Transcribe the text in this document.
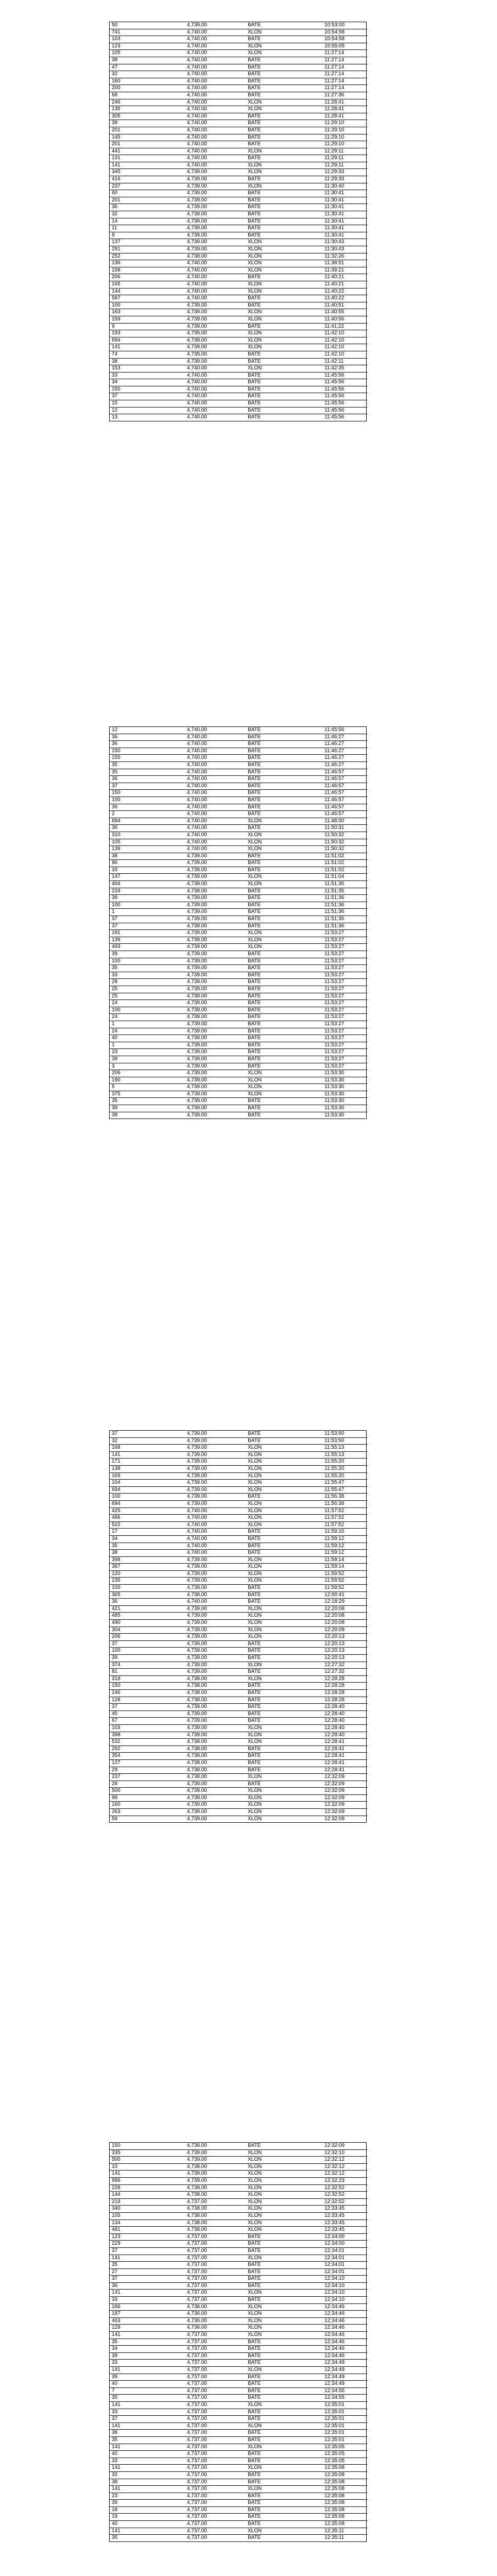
50	4,739.00	BATE	10:53:00
741	4,740.00	XLON	10:54:58
103	4,740.00	BATE	10:54:58
123	4,740.00	XLON	10:55:05
105	4,740.00	XLON	11:27:14
38	4,740.00	BATE	11:27:14
47	4,740.00	BATE	11:27:14
32	4,740.00	BATE	11:27:14
160	4,740.00	BATE	11:27:14
200	4,740.00	BATE	11:27:14
68	4,740.00	BATE	11:27:36
246	4,740.00	XLON	11:28:41
135	4,740.00	XLON	11:28:41
305	4,740.00	BATE	11:28:41
39	4,740.00	BATE	11:29:10
201	4,740.00	BATE	11:29:10
145	4,740.00	BATE	11:29:10
201	4,740.00	BATE	11:29:10
441	4,740.00	XLON	11:29:11
131	4,740.00	BATE	11:29:11
141	4,740.00	XLON	11:29:11
345	4,739.00	XLON	11:29:33
416	4,739.00	BATE	11:29:33
237	4,739.00	XLON	11:30:40
60	4,739.00	BATE	11:30:41
201	4,739.00	BATE	11:30:41
36	4,739.00	BATE	11:30:41
32	4,739.00	BATE	11:30:41
14	4,739.00	BATE	11:30:41
11	4,739.00	BATE	11:30:41
8	4,739.00	BATE	11:30:41
137	4,739.00	XLON	11:30:43
291	4,739.00	XLON	11:30:43
252	4,738.00	XLON	11:32:26
136	4,740.00	XLON	11:38:51
158	4,740.00	XLON	11:39:21
206	4,740.00	BATE	11:40:21
165	4,740.00	XLON	11:40:21
144	4,740.00	XLON	11:40:22
587	4,740.00	BATE	11:40:22
100	4,739.00	BATE	11:40:51
163	4,739.00	XLON	11:40:55
159	4,739.00	XLON	11:40:56
9	4,739.00	BATE	11:41:22
193	4,739.00	XLON	11:42:10
694	4,739.00	XLON	11:42:10
141	4,739.00	XLON	11:42:10
74	4,739.00	BATE	11:42:10
38	4,739.00	BATE	11:42:11
153	4,740.00	XLON	11:42:35
33	4,740.00	BATE	11:45:56
34	4,740.00	BATE	11:45:56
150	4,740.00	BATE	11:45:56
37	4,740.00	BATE	11:45:56
15	4,740.00	BATE	11:45:56
12	4,740.00	BATE	11:45:56
13	4,740.00	BATE	11:45:56
12	4,740.00	BATE	11:45:56
36	4,740.00	BATE	11:46:27
36	4,740.00	BATE	11:46:27
150	4,740.00	BATE	11:46:27
150	4,740.00	BATE	11:46:27
35	4,740.00	BATE	11:46:27
35	4,740.00	BATE	11:46:57
36	4,740.00	BATE	11:46:57
37	4,740.00	BATE	11:46:57
150	4,740.00	BATE	11:46:57
100	4,740.00	BATE	11:46:57
36	4,740.00	BATE	11:46:57
2	4,740.00	BATE	11:46:57
694	4,740.00	XLON	11:48:00
36	4,740.00	BATE	11:50:31
310	4,740.00	XLON	11:50:32
105	4,740.00	XLON	11:50:32
139	4,740.00	XLON	11:50:32
38	4,739.00	BATE	11:51:02
96	4,739.00	BATE	11:51:02
33	4,739.00	BATE	11:51:02
147	4,739.00	XLON	11:51:04
404	4,738.00	XLON	11:51:35
233	4,738.00	BATE	11:51:35
39	4,739.00	BATE	11:51:36
100	4,739.00	BATE	11:51:36
1	4,739.00	BATE	11:51:36
37	4,739.00	BATE	11:51:36
37	4,739.00	BATE	11:51:36
191	4,739.00	XLON	11:53:27
139	4,739.00	XLON	11:53:27
493	4,739.00	XLON	11:53:27
39	4,739.00	BATE	11:53:27
100	4,739.00	BATE	11:53:27
35	4,739.00	BATE	11:53:27
33	4,739.00	BATE	11:53:27
28	4,739.00	BATE	11:53:27
25	4,739.00	BATE	11:53:27
25	4,739.00	BATE	11:53:27
24	4,739.00	BATE	11:53:27
100	4,739.00	BATE	11:53:27
24	4,739.00	BATE	11:53:27
1	4,739.00	BATE	11:53:27
24	4,739.00	BATE	11:53:27
40	4,739.00	BATE	11:53:27
1	4,739.00	BATE	11:53:27
23	4,739.00	BATE	11:53:27
39	4,739.00	BATE	11:53:27
3	4,739.00	BATE	11:53:27
206	4,739.00	XLON	11:53:30
190	4,739.00	XLON	11:53:30
5	4,739.00	XLON	11:53:30
375	4,739.00	XLON	11:53:30
35	4,739.00	BATE	11:53:30
39	4,739.00	BATE	11:53:30
38	4,739.00	BATE	11:53:30
37	4,739.00	BATE	11:53:50
32	4,739.00	BATE	11:53:50
168	4,739.00	XLON	11:55:13
141	4,739.00	XLON	11:55:13
171	4,739.00	XLON	11:55:20
138	4,739.00	XLON	11:55:20
169	4,739.00	XLON	11:55:20
104	4,739.00	XLON	11:55:47
694	4,739.00	XLON	11:55:47
100	4,739.00	BATE	11:56:38
694	4,739.00	XLON	11:56:38
425	4,740.00	XLON	11:57:52
486	4,740.00	XLON	11:57:52
522	4,740.00	XLON	11:57:52
17	4,740.00	BATE	11:59:10
34	4,740.00	BATE	11:59:12
35	4,740.00	BATE	11:59:12
38	4,740.00	BATE	11:59:12
398	4,739.00	XLON	11:59:14
367	4,739.00	XLON	11:59:14
120	4,739.00	XLON	11:59:52
235	4,739.00	XLON	11:59:52
100	4,739.00	BATE	11:59:52
365	4,738.00	BATE	12:00:41
36	4,740.00	BATE	12:18:29
421	4,739.00	XLON	12:20:08
485	4,739.00	XLON	12:20:08
490	4,739.00	XLON	12:20:08
304	4,739.00	XLON	12:20:09
206	4,739.00	XLON	12:20:13
37	4,739.00	BATE	12:20:13
100	4,739.00	BATE	12:20:13
39	4,739.00	BATE	12:20:13
374	4,739.00	XLON	12:27:32
81	4,739.00	BATE	12:27:32
318	4,738.00	XLON	12:28:28
150	4,738.00	BATE	12:28:28
246	4,738.00	BATE	12:28:28
128	4,738.00	BATE	12:28:28
37	4,739.00	BATE	12:28:40
45	4,739.00	BATE	12:28:40
67	4,739.00	BATE	12:28:40
103	4,739.00	XLON	12:28:40
398	4,739.00	XLON	12:28:40
532	4,738.00	XLON	12:28:41
292	4,738.00	BATE	12:28:41
354	4,738.00	BATE	12:28:41
127	4,738.00	BATE	12:28:41
29	4,738.00	BATE	12:28:41
237	4,738.00	XLON	12:32:09
28	4,739.00	BATE	12:32:09
500	4,739.00	XLON	12:32:09
99	4,739.00	XLON	12:32:09
160	4,739.00	XLON	12:32:09
263	4,739.00	XLON	12:32:09
59	4,739.00	XLON	12:32:09
150	4,738.00	BATE	12:32:09
335	4,739.00	XLON	12:32:10
500	4,739.00	XLON	12:32:12
10	4,738.00	XLON	12:32:12
141	4,739.00	XLON	12:32:12
996	4,739.00	XLON	12:32:23
228	4,738.00	XLON	12:32:52
144	4,738.00	XLON	12:32:52
218	4,737.00	XLON	12:32:52
340	4,738.00	XLON	12:33:45
105	4,738.00	XLON	12:33:45
134	4,738.00	XLON	12:33:45
481	4,738.00	XLON	12:33:45
123	4,737.00	BATE	12:34:00
229	4,737.00	BATE	12:34:00
37	4,737.00	BATE	12:34:01
141	4,737.00	XLON	12:34:01
35	4,737.00	BATE	12:34:01
27	4,737.00	BATE	12:34:01
37	4,737.00	BATE	12:34:10
36	4,737.00	BATE	12:34:10
141	4,737.00	XLON	12:34:10
33	4,737.00	BATE	12:34:10
186	4,736.00	XLON	12:34:46
187	4,736.00	XLON	12:34:46
463	4,736.00	XLON	12:34:46
129	4,736.00	XLON	12:34:46
141	4,737.00	XLON	12:34:46
35	4,737.00	BATE	12:34:46
34	4,737.00	BATE	12:34:46
39	4,737.00	BATE	12:34:46
33	4,737.00	BATE	12:34:49
141	4,737.00	XLON	12:34:49
39	4,737.00	BATE	12:34:49
40	4,737.00	BATE	12:34:49
7	4,737.00	BATE	12:34:55
35	4,737.00	BATE	12:34:55
141	4,737.00	XLON	12:35:01
33	4,737.00	BATE	12:35:01
37	4,737.00	BATE	12:35:01
141	4,737.00	XLON	12:35:01
38	4,737.00	BATE	12:35:01
35	4,737.00	BATE	12:35:01
141	4,737.00	XLON	12:35:05
40	4,737.00	BATE	12:35:05
33	4,737.00	BATE	12:35:05
141	4,737.00	XLON	12:35:08
32	4,737.00	BATE	12:35:08
38	4,737.00	BATE	12:35:08
141	4,737.00	XLON	12:35:08
23	4,737.00	BATE	12:35:08
39	4,737.00	BATE	12:35:08
18	4,737.00	BATE	12:35:08
19	4,737.00	BATE	12:35:08
40	4,737.00	BATE	12:35:08
141	4,737.00	XLON	12:35:11
35	4,737.00	BATE	12:35:11
